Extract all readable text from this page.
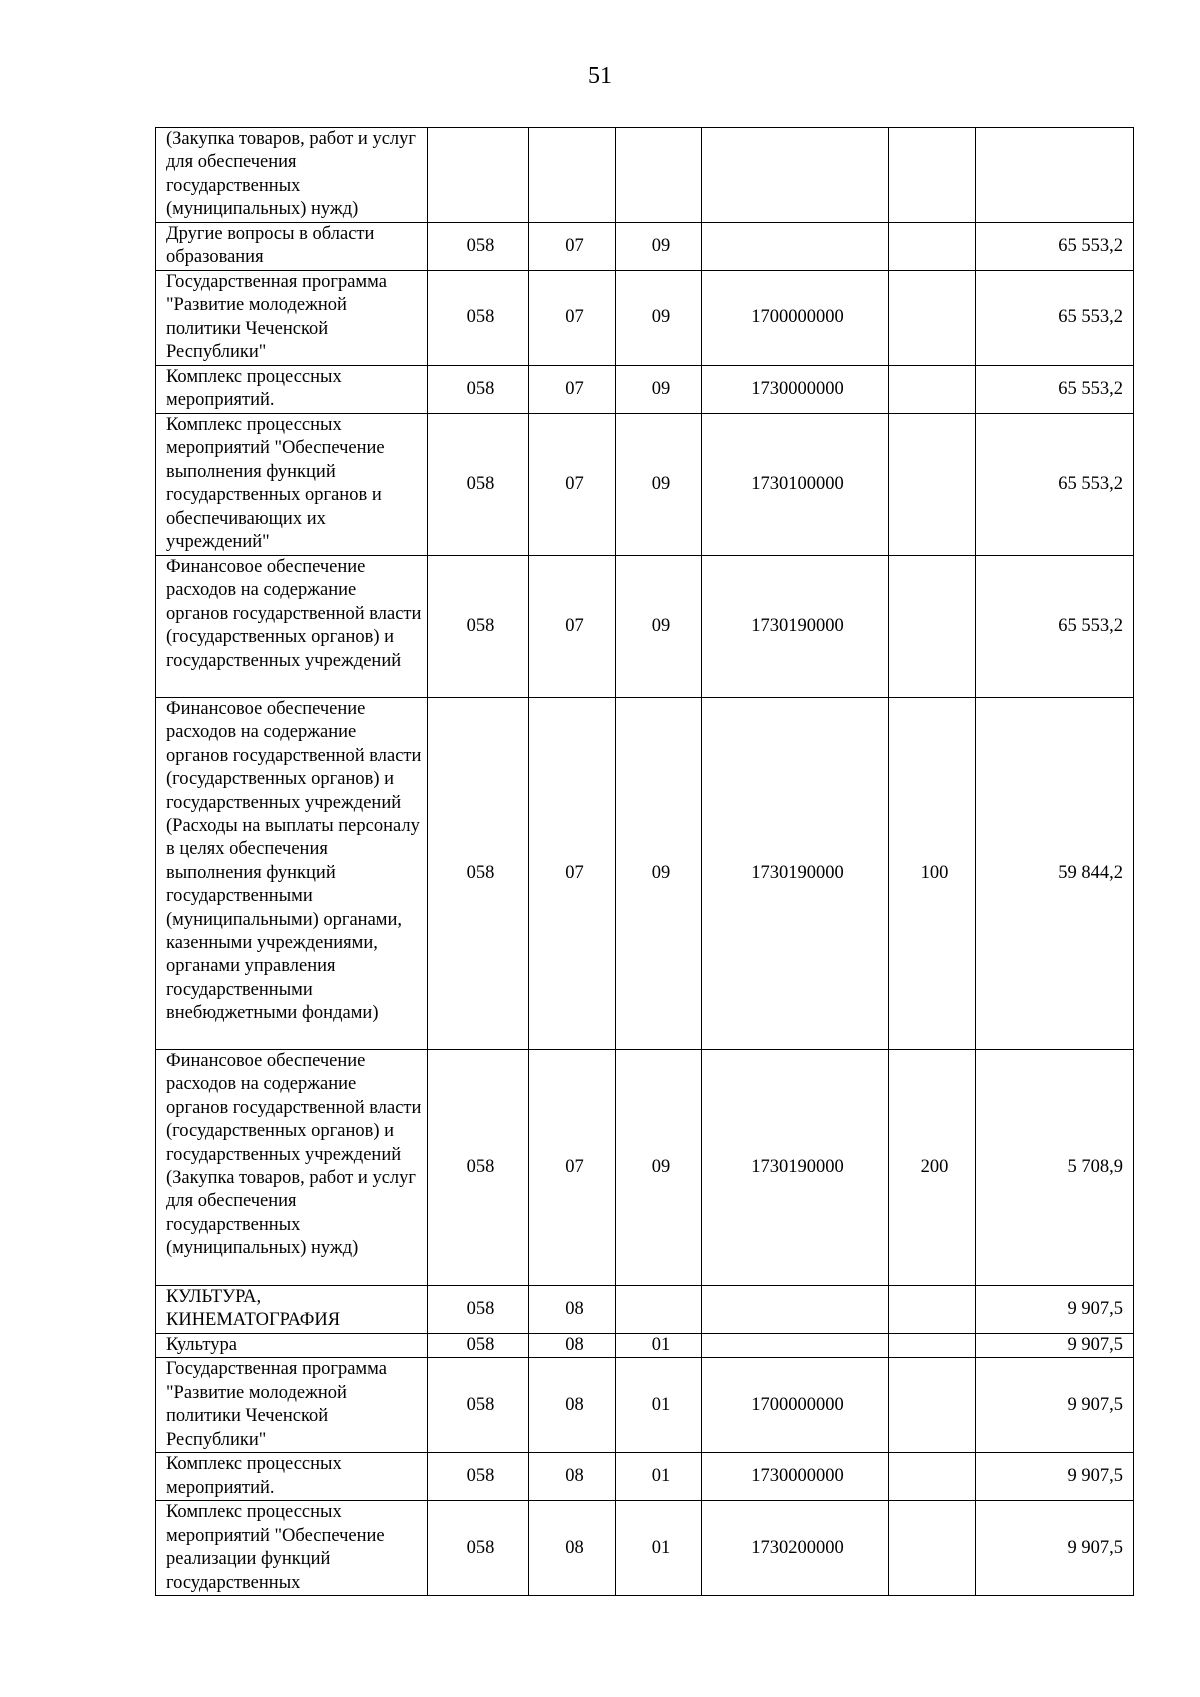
51
(Закупка товаров, работ и услуг для обеспечения государственных (муниципальных) нужд)						
Другие вопросы в области образования	058	07	09			65 553,2
Государственная программа "Развитие молодежной политики Чеченской Республики"	058	07	09	1700000000		65 553,2
Комплекс процессных мероприятий.	058	07	09	1730000000		65 553,2
Комплекс процессных мероприятий "Обеспечение выполнения функций государственных органов и обеспечивающих их учреждений"	058	07	09	1730100000		65 553,2
Финансовое обеспечение расходов на содержание органов государственной власти (государственных органов) и государственных учреждений	058	07	09	1730190000		65 553,2
Финансовое обеспечение расходов на содержание органов государственной власти (государственных органов) и государственных учреждений (Расходы на выплаты персоналу в целях обеспечения выполнения функций государственными (муниципальными) органами, казенными учреждениями, органами управления государственными внебюджетными фондами)	058	07	09	1730190000	100	59 844,2
Финансовое обеспечение расходов на содержание органов государственной власти (государственных органов) и государственных учреждений (Закупка товаров, работ и услуг для обеспечения государственных (муниципальных) нужд)	058	07	09	1730190000	200	5 708,9
КУЛЬТУРА, КИНЕМАТОГРАФИЯ	058	08				9 907,5
Культура	058	08	01			9 907,5
Государственная программа "Развитие молодежной политики Чеченской Республики"	058	08	01	1700000000		9 907,5
Комплекс процессных мероприятий.	058	08	01	1730000000		9 907,5
Комплекс процессных мероприятий "Обеспечение реализации функций государственных	058	08	01	1730200000		9 907,5
